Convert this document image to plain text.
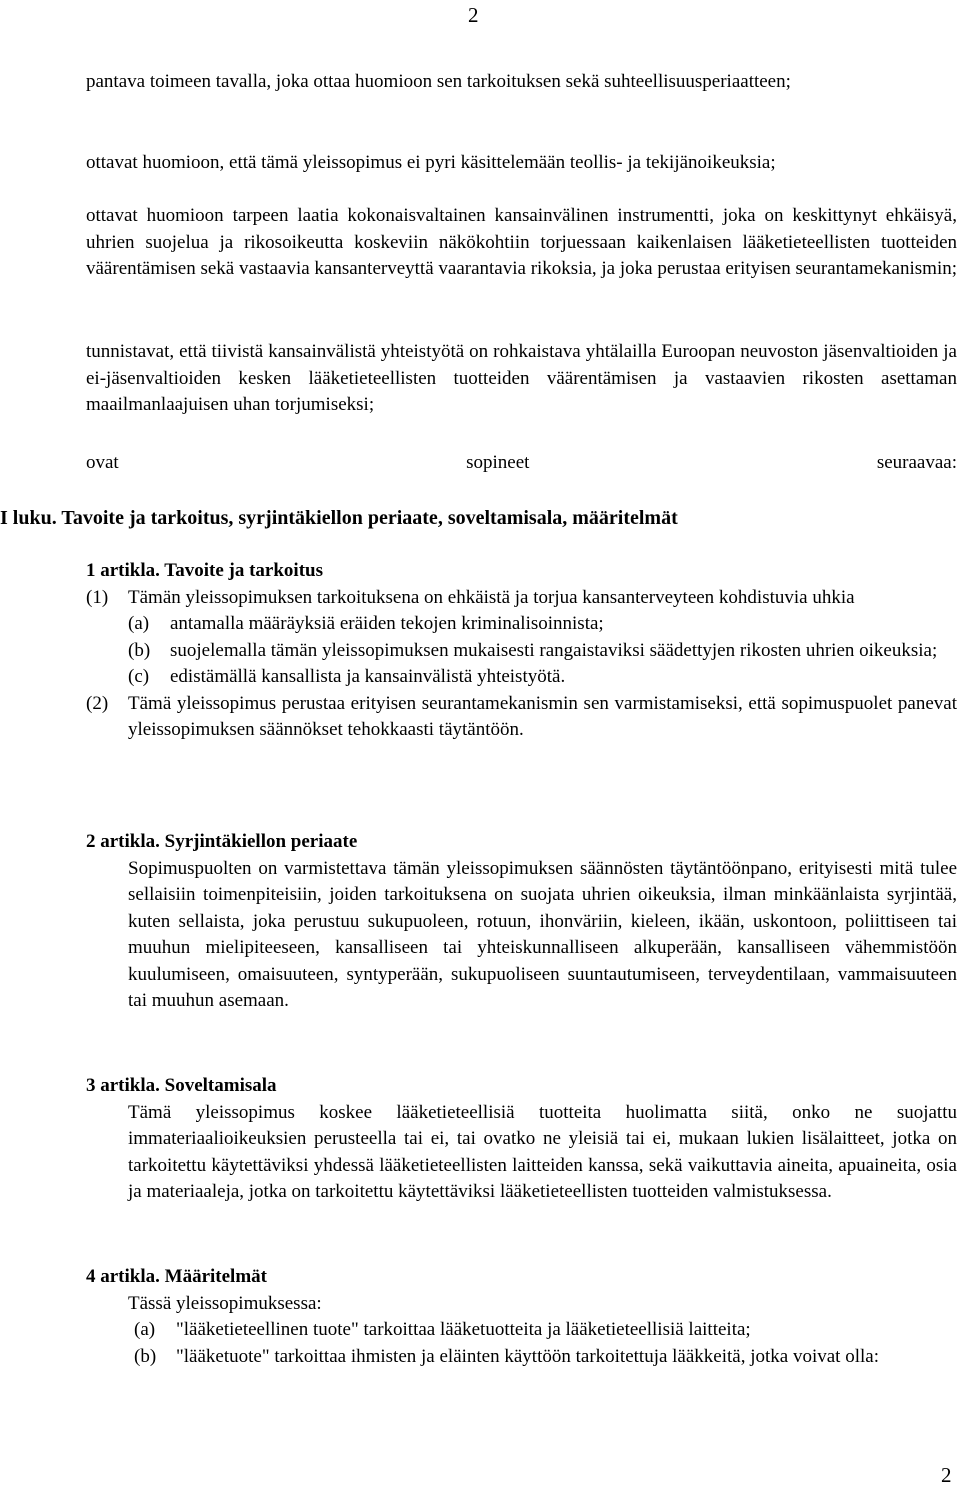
2
pantava toimeen tavalla, joka ottaa huomioon sen tarkoituksen sekä suhteellisuusperiaatteen;
ottavat huomioon, että tämä yleissopimus ei pyri käsittelemään teollis- ja tekijänoikeuksia;
ottavat huomioon tarpeen laatia kokonaisvaltainen kansainvälinen instrumentti, joka on keskittynyt ehkäisyä, uhrien suojelua ja rikosoikeutta koskeviin näkökohtiin torjuessaan kaikenlaisen lääketieteellisten tuotteiden väärentämisen sekä vastaavia kansanterveyttä vaarantavia rikoksia, ja joka perustaa erityisen seurantamekanismin;
tunnistavat, että tiivistä kansainvälistä yhteistyötä on rohkaistava yhtälailla Euroopan neuvoston jäsenvaltioiden ja ei-jäsenvaltioiden kesken lääketieteellisten tuotteiden väärentämisen ja vastaavien rikosten asettaman maailmanlaajuisen uhan torjumiseksi;
ovat	sopineet	seuraavaa:
I luku. Tavoite ja tarkoitus, syrjintäkiellon periaate, soveltamisala, määritelmät
1 artikla. Tavoite ja tarkoitus
(1) Tämän yleissopimuksen tarkoituksena on ehkäistä ja torjua kansanterveyteen kohdistuvia uhkia
(a) antamalla määräyksiä eräiden tekojen kriminalisoinnista;
(b) suojelemalla tämän yleissopimuksen mukaisesti rangaistaviksi säädettyjen rikosten uhrien oikeuksia;
(c) edistämällä kansallista ja kansainvälistä yhteistyötä.
(2) Tämä yleissopimus perustaa erityisen seurantamekanismin sen varmistamiseksi, että sopimuspuolet panevat yleissopimuksen säännökset tehokkaasti täytäntöön.
2 artikla. Syrjintäkiellon periaate
Sopimuspuolten on varmistettava tämän yleissopimuksen säännösten täytäntöönpano, erityisesti mitä tulee sellaisiin toimenpiteisiin, joiden tarkoituksena on suojata uhrien oikeuksia, ilman minkäänlaista syrjintää, kuten sellaista, joka perustuu sukupuoleen, rotuun, ihonväriin, kieleen, ikään, uskontoon, poliittiseen tai muuhun mielipiteeseen, kansalliseen tai yhteiskunnalliseen alkuperään, kansalliseen vähemmistöön kuulumiseen, omaisuuteen, syntyperään, sukupuoliseen suuntautumiseen, terveydentilaan, vammaisuuteen tai muuhun asemaan.
3 artikla. Soveltamisala
Tämä yleissopimus koskee lääketieteellisiä tuotteita huolimatta siitä, onko ne suojattu immateriaalioikeuksien perusteella tai ei, tai ovatko ne yleisiä tai ei, mukaan lukien lisälaitteet, jotka on tarkoitettu käytettäviksi yhdessä lääketieteellisten laitteiden kanssa, sekä vaikuttavia aineita, apuaineita, osia ja materiaaleja, jotka on tarkoitettu käytettäviksi lääketieteellisten tuotteiden valmistuksessa.
4 artikla. Määritelmät
Tässä yleissopimuksessa:
(a) "lääketieteellinen tuote" tarkoittaa lääketuotteita ja lääketieteellisiä laitteita;
(b) "lääketuote" tarkoittaa ihmisten ja eläinten käyttöön tarkoitettuja lääkkeitä, jotka voivat olla:
2
